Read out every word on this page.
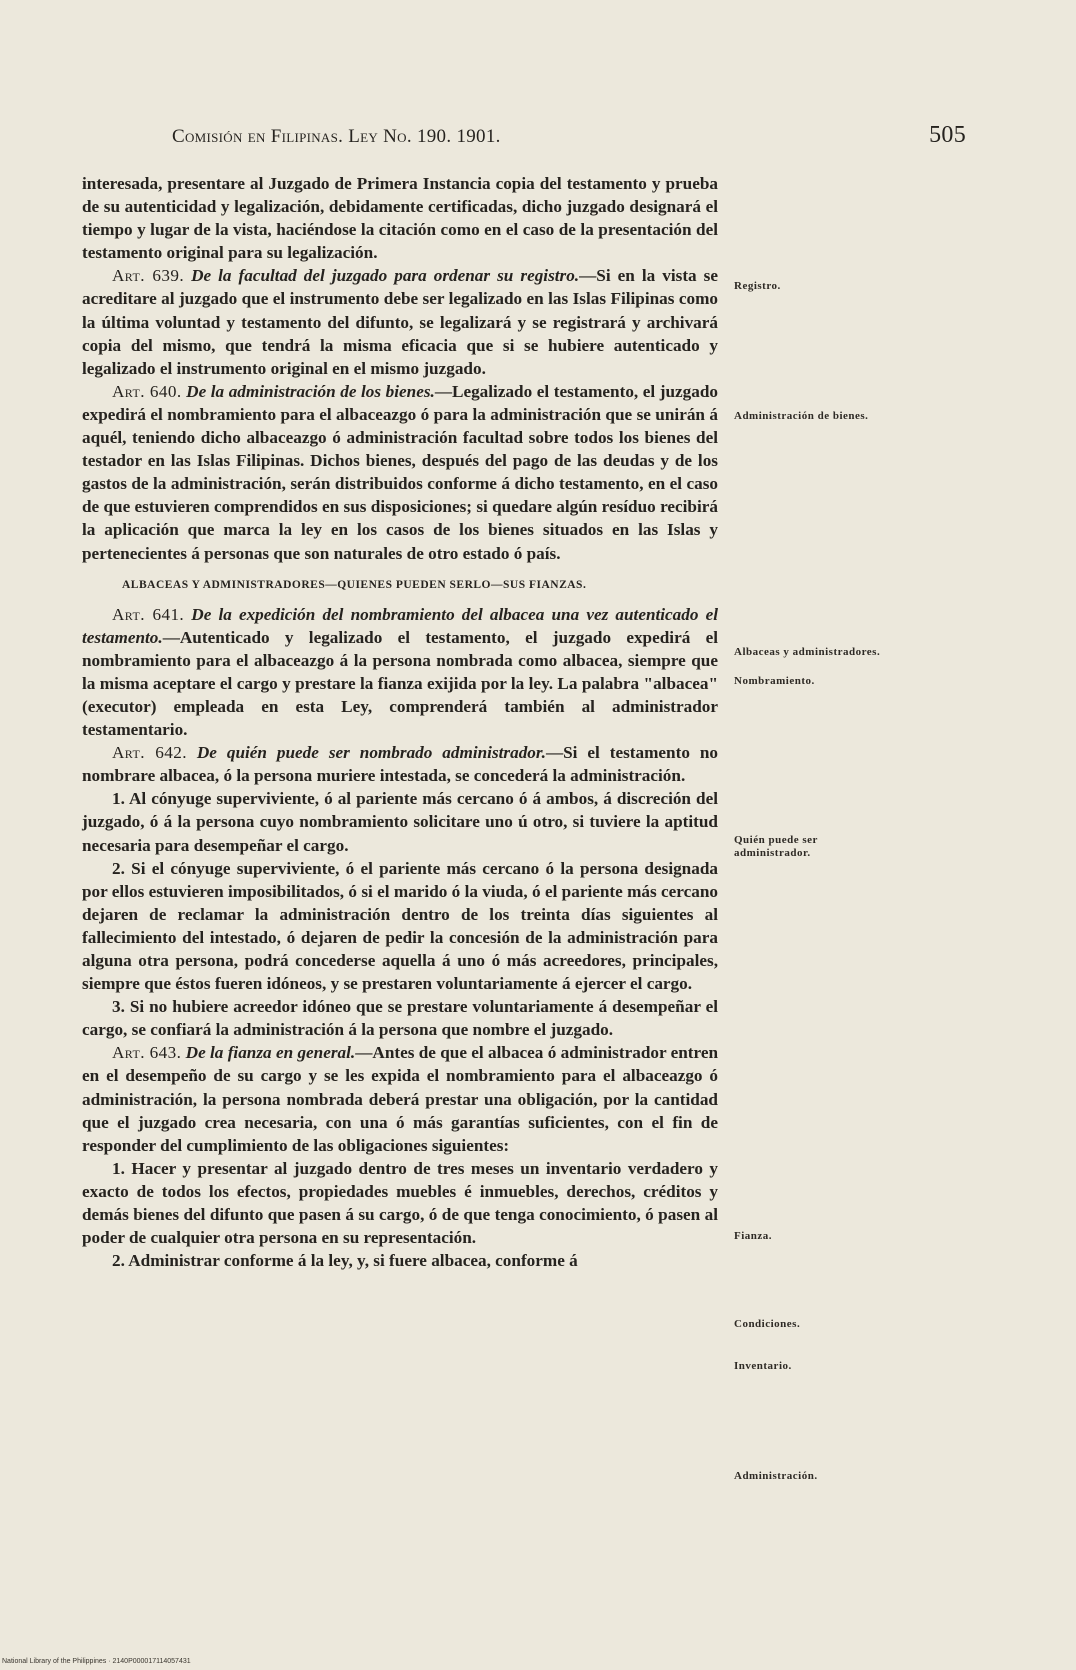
Comisión en Filipinas. Ley No. 190. 1901.	505

interesada, presentare al Juzgado de Primera Instancia copia del testamento y prueba de su autenticidad y legalización, debidamente certificadas, dicho juzgado designará el tiempo y lugar de la vista, haciéndose la citación como en el caso de la presentación del testamento original para su legalización.

Art. 639. De la facultad del juzgado para ordenar su registro.—Si en la vista se acreditare al juzgado que el instrumento debe ser legalizado en las Islas Filipinas como la última voluntad y testamento del difunto, se legalizará y se registrará y archivará copia del mismo, que tendrá la misma eficacia que si se hubiere autenticado y legalizado el instrumento original en el mismo juzgado.

Art. 640. De la administración de los bienes.—Legalizado el testamento, el juzgado expedirá el nombramiento para el albaceazgo ó para la administración que se unirán á aquél, teniendo dicho albaceazgo ó administración facultad sobre todos los bienes del testador en las Islas Filipinas. Dichos bienes, después del pago de las deudas y de los gastos de la administración, serán distribuidos conforme á dicho testamento, en el caso de que estuvieren comprendidos en sus disposiciones; si quedare algún resíduo recibirá la aplicación que marca la ley en los casos de los bienes situados en las Islas y pertenecientes á personas que son naturales de otro estado ó país.

ALBACEAS Y ADMINISTRADORES—QUIENES PUEDEN SERLO—SUS FIANZAS.

Art. 641. De la expedición del nombramiento del albacea una vez autenticado el testamento.—Autenticado y legalizado el testamento, el juzgado expedirá el nombramiento para el albaceazgo á la persona nombrada como albacea, siempre que la misma aceptare el cargo y prestare la fianza exijida por la ley. La palabra "albacea" (executor) empleada en esta Ley, comprenderá también al administrador testamentario.

Art. 642. De quién puede ser nombrado administrador.—Si el testamento no nombrare albacea, ó la persona muriere intestada, se concederá la administración.

1. Al cónyuge superviviente, ó al pariente más cercano ó á ambos, á discreción del juzgado, ó á la persona cuyo nombramiento solicitare uno ú otro, si tuviere la aptitud necesaria para desempeñar el cargo.

2. Si el cónyuge superviviente, ó el pariente más cercano ó la persona designada por ellos estuvieren imposibilitados, ó si el marido ó la viuda, ó el pariente más cercano dejaren de reclamar la administración dentro de los treinta días siguientes al fallecimiento del intestado, ó dejaren de pedir la concesión de la administración para alguna otra persona, podrá concederse aquella á uno ó más acreedores, principales, siempre que éstos fueren idóneos, y se prestaren voluntariamente á ejercer el cargo.

3. Si no hubiere acreedor idóneo que se prestare voluntariamente á desempeñar el cargo, se confiará la administración á la persona que nombre el juzgado.

Art. 643. De la fianza en general.—Antes de que el albacea ó administrador entren en el desempeño de su cargo y se les expida el nombramiento para el albaceazgo ó administración, la persona nombrada deberá prestar una obligación, por la cantidad que el juzgado crea necesaria, con una ó más garantías suficientes, con el fin de responder del cumplimiento de las obligaciones siguientes:

1. Hacer y presentar al juzgado dentro de tres meses un inventario verdadero y exacto de todos los efectos, propiedades muebles é inmuebles, derechos, créditos y demás bienes del difunto que pasen á su cargo, ó de que tenga conocimiento, ó pasen al poder de cualquier otra persona en su representación.

2. Administrar conforme á la ley, y, si fuere albacea, conforme á

Registro.
Administración de bienes.
Albaceas y administradores.
Nombramiento.
Quién puede ser administrador.
Fianza.
Condiciones.
Inventario.
Administración.
National Library of the Philippines · 2140P000017114057431
